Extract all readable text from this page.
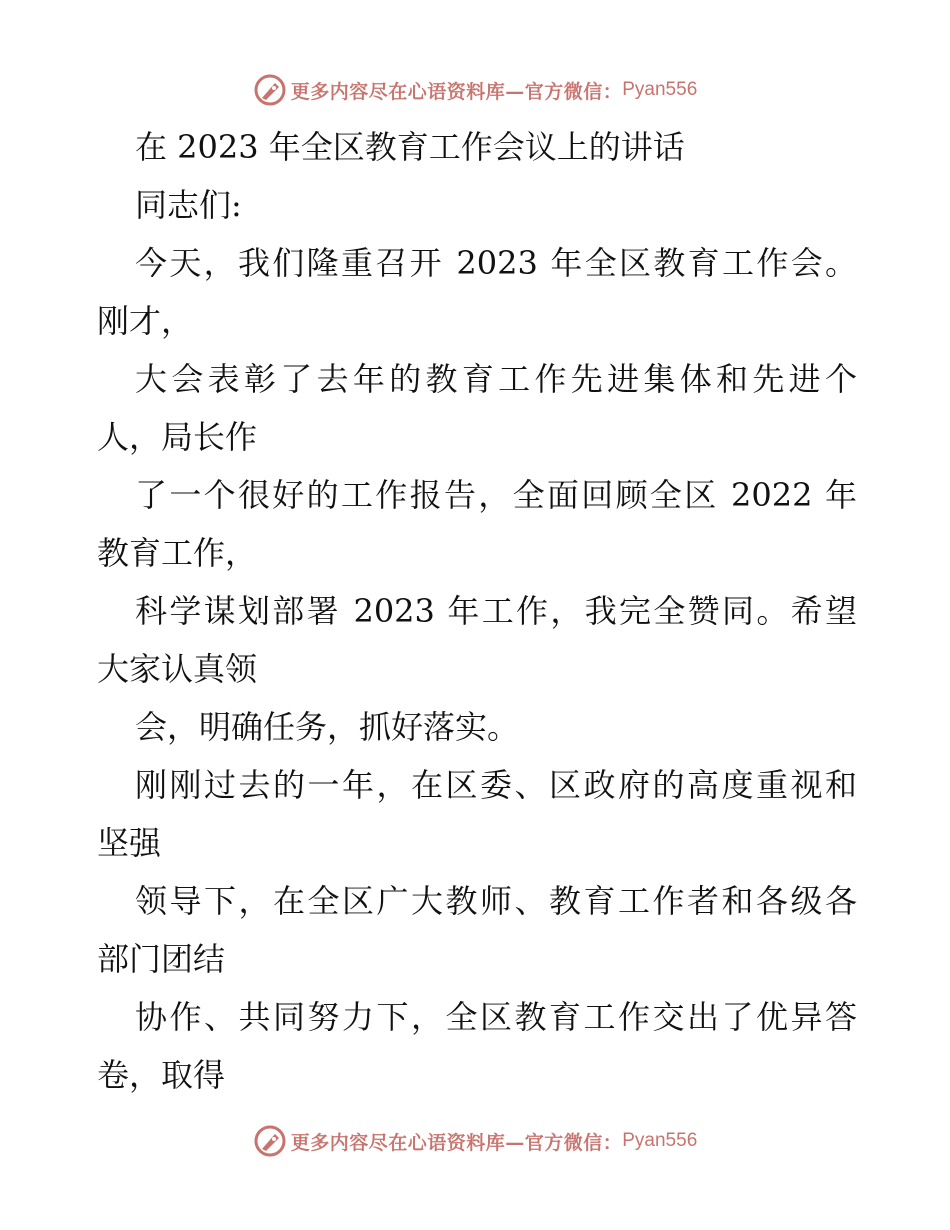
更多内容尽在心语资料库—官方微信： Pyan556
在 2023 年全区教育工作会议上的讲话
同志们:
今天，我们隆重召开 2023 年全区教育工作会。
刚才，
大会表彰了去年的教育工作先进集体和先进个
人，局长作
了一个很好的工作报告，全面回顾全区 2022 年
教育工作，
科学谋划部署 2023 年工作，我完全赞同。希望
大家认真领
会，明确任务，抓好落实。
刚刚过去的一年，在区委、区政府的高度重视和
坚强
领导下，在全区广大教师、教育工作者和各级各
部门团结
协作、共同努力下，全区教育工作交出了优异答
卷，取得
更多内容尽在心语资料库—官方微信： Pyan556
